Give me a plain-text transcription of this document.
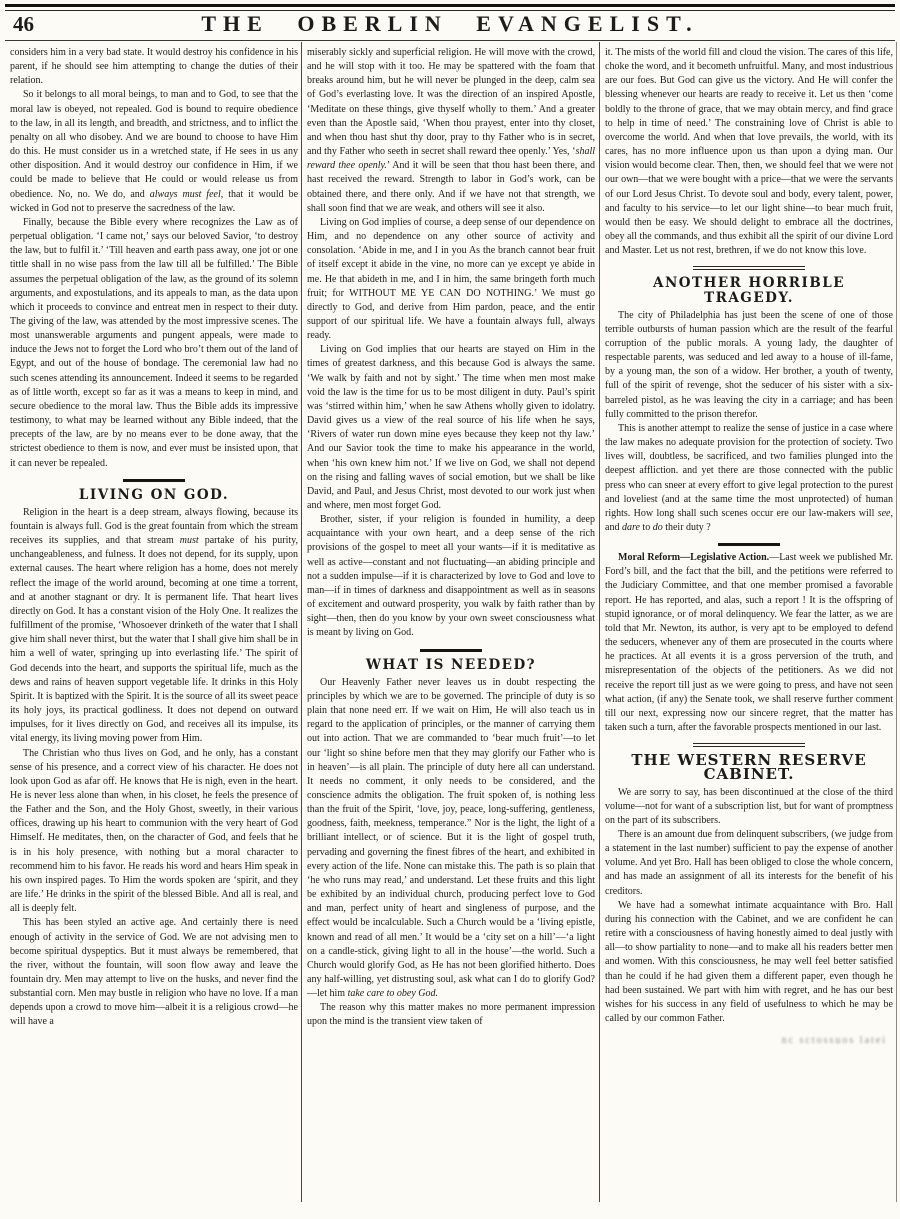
46	THE OBERLIN EVANGELIST.

considers him in a very bad state. It would destroy his confidence in his parent, if he should see him attempting to change the duties of their relation.

So it belongs to all moral beings, to man and to God, to see that the moral law is obeyed, not repealed. God is bound to require obedience to the law, in all its length, and breadth, and strictness, and to inflict the penalty on all who disobey. And we are bound to choose to have Him do this. He must consider us in a wretched state, if He sees in us any other disposition. And it would destroy our confidence in Him, if we could be made to believe that He could or would release us from obedience. No, no. We do, and always must feel, that it would be wicked in God not to preserve the sacredness of the law.

Finally, because the Bible every where recognizes the Law as of perpetual obligation. ‘I came not,’ says our beloved Savior, ‘to destroy the law, but to fulfil it.’ ‘Till heaven and earth pass away, one jot or one tittle shall in no wise pass from the law till all be fulfilled.’ The Bible assumes the perpetual obligation of the law, as the ground of its solemn arguments, and expostulations, and its appeals to man, as the data upon which it proceeds to convince and entreat men in respect to their duty. The giving of the law, was attended by the most impressive scenes. The most unanswerable arguments and pungent appeals, were made to induce the Jews not to forget the Lord who bro’t them out of the land of Egypt, and out of the house of bondage. The ceremonial law had no such scenes attending its announcement. Indeed it seems to be regarded as of little worth, except so far as it was a means to keep in mind, and secure obedience to the moral law. Thus the Bible adds its impressive testimony, to what may be learned without any Bible indeed, that the precepts of the law, are by no means ever to be done away, that the strictest obedience to them is now, and ever must be insisted upon, that it can never be repealed.

LIVING ON GOD.

Religion in the heart is a deep stream, always flowing, because its fountain is always full. God is the great fountain from which the stream receives its supplies, and that stream must partake of his purity, unchangeableness, and fulness. It does not depend, for its supply, upon external causes. The heart where religion has a home, does not merely reflect the image of the world around, becoming at one time a torrent, and at another stagnant or dry. It is permanent life. That heart lives directly on God. It has a constant vision of the Holy One. It realizes the fulfillment of the promise, ‘Whosoever drinketh of the water that I shall give him shall never thirst, but the water that I shall give him shall be in him a well of water, springing up into everlasting life.’ The spirit of God decends into the heart, and supports the spiritual life, much as the dews and rains of heaven support vegetable life. It drinks in this Holy Spirit. It is baptized with the Spirit. It is the source of all its sweet peace its holy joys, its practical godliness. It does not depend on outward impulses, for it lives directly on God, and receives all its impulse, its vital energy, its living moving power from Him.

The Christian who thus lives on God, and he only, has a constant sense of his presence, and a correct view of his character. He does not look upon God as afar off. He knows that He is nigh, even in the heart. He is never less alone than when, in his closet, he feels the presence of the Father and the Son, and the Holy Ghost, sweetly, in their various offices, drawing up his heart to communion with the very heart of God Himself. He meditates, then, on the character of God, and feels that he is in his holy presence, with nothing but a moral character to recommend him to his favor. He reads his word and hears Him speak in his own inspired pages. To Him the words spoken are ‘spirit, and they are life.’ He drinks in the spirit of the blessed Bible. And all is real, and all is deeply felt.

This has been styled an active age. And certainly there is need enough of activity in the service of God. We are not advising men to become spiritual dyspeptics. But it must always be remembered, that the river, without the fountain, will soon flow away and leave the fountain dry. Men may attempt to live on the husks, and never find the substantial corn. Men may bustle in religion who have no love. If a man depends upon a crowd to move him—albeit it is a religious crowd—he will have a

miserably sickly and superficial religion. He will move with the crowd, and he will stop with it too. He may be spattered with the foam that breaks around him, but he will never be plunged in the deep, calm sea of God’s everlasting love. It was the direction of an inspired Apostle, ‘Meditate on these things, give thyself wholly to them.’ And a greater even than the Apostle said, ‘When thou prayest, enter into thy closet, and when thou hast shut thy door, pray to thy Father who is in secret, and thy Father who seeth in secret shall reward thee openly.’ Yes, ‘shall reward thee openly.’ And it will be seen that thou hast been there, and hast received the reward. Strength to labor in God’s work, can be obtained there, and there only. And if we have not that strength, we shall soon find that we are weak, and others will see it also.

Living on God implies of course, a deep sense of our dependence on Him, and no dependence on any other source of activity and consolation. ‘Abide in me, and I in you As the branch cannot bear fruit of itself except it abide in the vine, no more can ye except ye abide in me. He that abideth in me, and I in him, the same bringeth forth much fruit; for WITHOUT ME YE CAN DO NOTHING.’ We must go directly to God, and derive from Him pardon, peace, and the entir support of our spiritual life. We have a fountain always full, always ready.

Living on God implies that our hearts are stayed on Him in the times of greatest darkness, and this because God is always the same. ‘We walk by faith and not by sight.’ The time when men most make void the law is the time for us to be most diligent in duty. Paul’s spirit was ‘stirred within him,’ when he saw Athens wholly given to idolatry. David gives us a view of the real source of his life when he says, ‘Rivers of water run down mine eyes because they keep not thy law.’ And our Savior took the time to make his appearance in the world, when ‘his own knew him not.’ If we live on God, we shall not depend on the rising and falling waves of social emotion, but we shall be like David, and Paul, and Jesus Christ, most devoted to our work just when and where, men most forget God.

Brother, sister, if your religion is founded in humility, a deep acquaintance with your own heart, and a deep sense of the rich provisions of the gospel to meet all your wants—if it is meditative as well as active—constant and not fluctuating—an abiding principle and not a sudden impulse—if it is characterized by love to God and love to man—if in times of darkness and disappointment as well as in seasons of excitement and outward prosperity, you walk by faith rather than by sight—then, then do you know by your own sweet consciousness what is meant by living on God.

WHAT IS NEEDED?

Our Heavenly Father never leaves us in doubt respecting the principles by which we are to be governed. The principle of duty is so plain that none need err. If we wait on Him, He will also teach us in regard to the application of principles, or the manner of carrying them out into action. That we are commanded to ‘bear much fruit’—to let our ‘light so shine before men that they may glorify our Father who is in heaven’—is all plain. The principle of duty here all can understand. It needs no comment, it only needs to be considered, and the conscience admits the obligation. The fruit spoken of, is nothing less than the fruit of the Spirit, ‘love, joy, peace, long-suffering, gentleness, goodness, faith, meekness, temperance.” Nor is the light, the light of a brilliant intellect, or of science. But it is the light of gospel truth, pervading and governing the finest fibres of the heart, and exhibited in every action of the life. None can mistake this. The path is so plain that ‘he who runs may read,’ and understand. Let these fruits and this light be exhibited by an individual church, producing perfect love to God and man, perfect unity of heart and singleness of purpose, and the effect would be incalculable. Such a Church would be a ‘living epistle, known and read of all men.’ It would be a ‘city set on a hill’—‘a light on a candle-stick, giving light to all in the house’—the world. Such a Church would glorify God, as He has not been glorified hitherto. Does any half-willing, yet distrusting soul, ask what can I do to glorify God?—let him take care to obey God.

The reason why this matter makes no more permanent impression upon the mind is the transient view taken of

it. The mists of the world fill and cloud the vision. The cares of this life, choke the word, and it becometh unfruitful. Many, and most industrious are our foes. But God can give us the victory. And He will confer the blessing whenever our hearts are ready to receive it. Let us then ‘come boldly to the throne of grace, that we may obtain mercy, and find grace to help in time of need.’ The constraining love of Christ is able to overcome the world. And when that love prevails, the world, with its cares, has no more influence upon us than upon a dying man. Our vision would become clear. Then, then, we should feel that we were not our own—that we were bought with a price—that we were the servants of our Lord Jesus Christ. To devote soul and body, every talent, power, and faculty to his service—to let our light shine—to bear much fruit, would then be easy. We should delight to embrace all the doctrines, obey all the commands, and thus exhibit all the spirit of our divine Lord and Master. Let us not rest, brethren, if we do not know this love.

ANOTHER HORRIBLE TRAGEDY.

The city of Philadelphia has just been the scene of one of those terrible outbursts of human passion which are the result of the fearful corruption of the public morals. A young lady, the daughter of respectable parents, was seduced and led away to a house of ill-fame, by a young man, the son of a widow. Her brother, a youth of twenty, full of the spirit of revenge, shot the seducer of his sister with a six-barreled pistol, as he was leaving the city in a carriage; and has been fully committed to the prison therefor.

This is another attempt to realize the sense of justice in a case where the law makes no adequate provision for the protection of society. Two lives will, doubtless, be sacrificed, and two families plunged into the deepest affliction. and yet there are those connected with the public press who can sneer at every effort to give legal protection to the purest and loveliest (and at the same time the most unprotected) of human rights. How long shall such scenes occur ere our law-makers will see, and dare to do their duty ?

Moral Reform—Legislative Action.—Last week we published Mr. Ford’s bill, and the fact that the bill, and the petitions were referred to the Judiciary Committee, and that one member promised a favorable report. He has reported, and alas, such a report ! It is the offspring of stupid ignorance, or of moral delinquency. We fear the latter, as we are told that Mr. Newton, its author, is very apt to be employed to defend the seducers, whenever any of them are prosecuted in the courts where he practices. At all events it is a gross perversion of the truth, and misrepresentation of the objects of the petitioners. As we did not receive the report till just as we were going to press, and have not seen what action, (if any) the Senate took, we shall reserve further comment till our next, expressing now our sincere regret, that the matter has taken such a turn, after the favorable prospects mentioned in our last.

THE WESTERN RESERVE CABINET.

We are sorry to say, has been discontinued at the close of the third volume—not for want of a subscription list, but for want of promptness on the part of its subscribers.

There is an amount due from delinquent subscribers, (we judge from a statement in the last number) sufficient to pay the expense of another volume. And yet Bro. Hall has been obliged to close the whole concern, and has made an assignment of all its interests for the benefit of his creditors.

We have had a somewhat intimate acquaintance with Bro. Hall during his connection with the Cabinet, and we are confident he can retire with a consciousness of having honestly aimed to deal justly with all—to show partiality to none—and to make all his readers better men and women. With this consciousness, he may well feel better satisfied than he could if he had given them a different paper, even though he had been sustained. We part with him with regret, and he has our best wishes for his success in any field of usefulness to which he may be called by our common Father.

nc sctossuos latei
